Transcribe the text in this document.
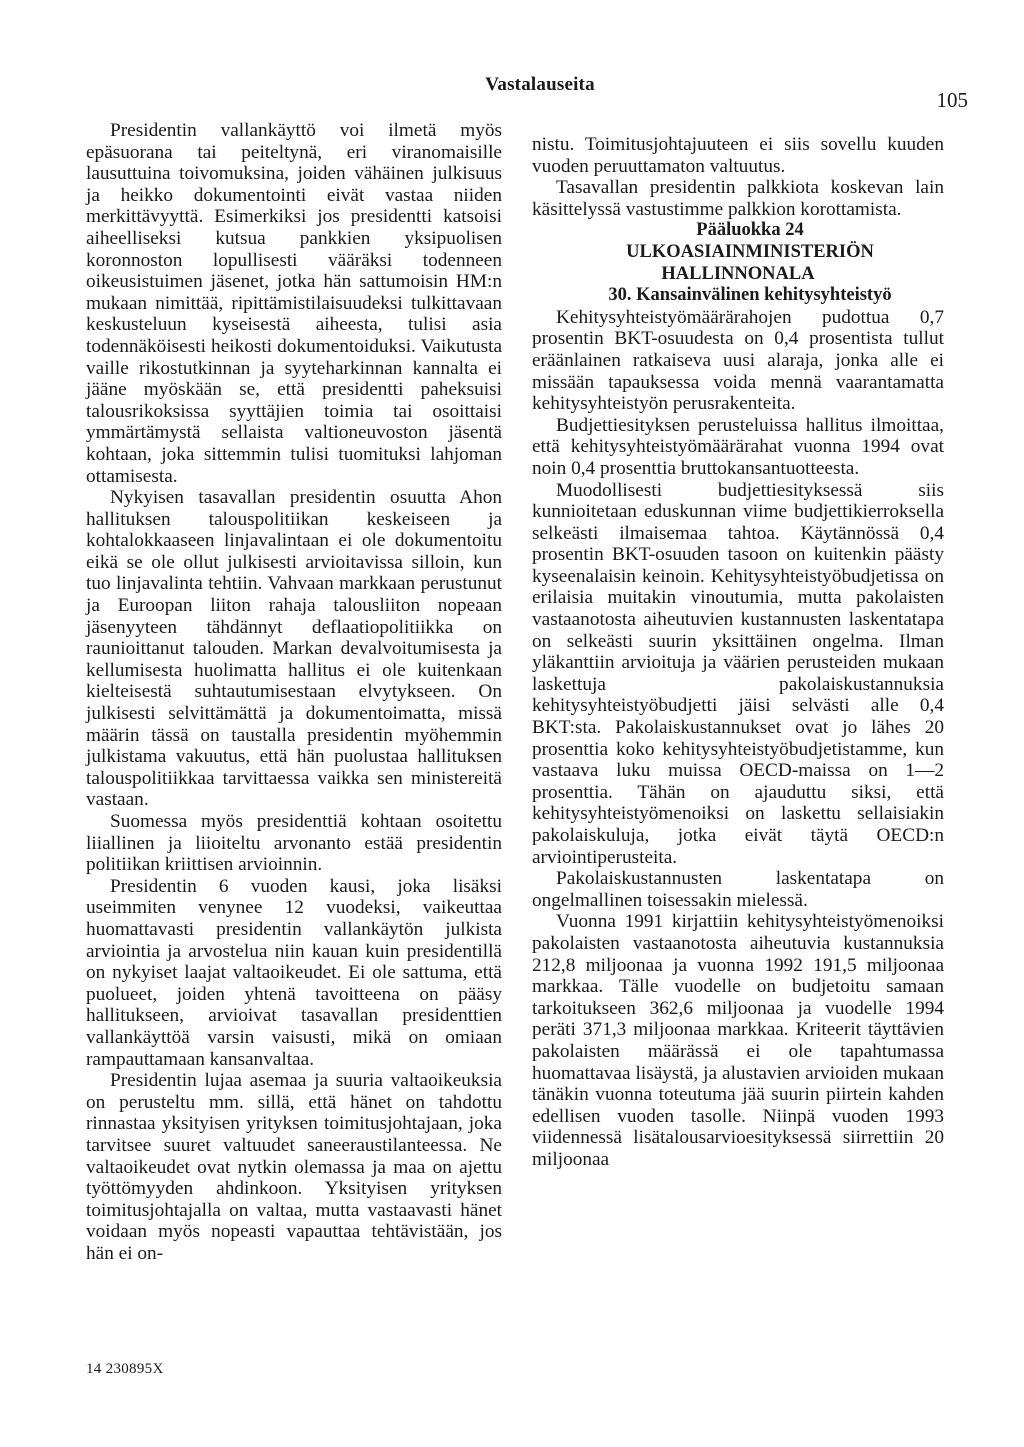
Vastalauseita
105

Presidentin vallankäyttö voi ilmetä myös epäsuorana tai peiteltynä, eri viranomaisille lausuttuina toivomuksina, joiden vähäinen julkisuus ja heikko dokumentointi eivät vastaa niiden merkittävyyttä. Esimerkiksi jos presidentti katsoisi aiheelliseksi kutsua pankkien yksipuolisen koronnoston lopullisesti vääräksi todenneen oikeusistuimen jäsenet, jotka hän sattumoisin HM:n mukaan nimittää, ripittämistilaisuudeksi tulkittavaan keskusteluun kyseisestä aiheesta, tulisi asia todennäköisesti heikosti dokumentoiduksi. Vaikutusta vaille rikostutkinnan ja syyteharkinnan kannalta ei jääne myöskään se, että presidentti paheksuisi talousrikoksissa syyttäjien toimia tai osoittaisi ymmärtämystä sellaista valtioneuvoston jäsentä kohtaan, joka sittemmin tulisi tuomituksi lahjoman ottamisesta.

Nykyisen tasavallan presidentin osuutta Ahon hallituksen talouspolitiikan keskeiseen ja kohtalokkaaseen linjavalintaan ei ole dokumentoitu eikä se ole ollut julkisesti arvioitavissa silloin, kun tuo linjavalinta tehtiin. Vahvaan markkaan perustunut ja Euroopan liiton rahaja talousliiton nopeaan jäsenyyteen tähdännyt deflaatiopolitiikka on raunioittanut talouden. Markan devalvoitumisesta ja kellumisesta huolimatta hallitus ei ole kuitenkaan kielteisestä suhtautumisestaan elvytykseen. On julkisesti selvittämättä ja dokumentoimatta, missä määrin tässä on taustalla presidentin myöhemmin julkistama vakuutus, että hän puolustaa hallituksen talouspolitiikkaa tarvittaessa vaikka sen ministereitä vastaan.

Suomessa myös presidenttiä kohtaan osoitettu liiallinen ja liioiteltu arvonanto estää presidentin politiikan kriittisen arvioinnin.

Presidentin 6 vuoden kausi, joka lisäksi useimmiten venynee 12 vuodeksi, vaikeuttaa huomattavasti presidentin vallankäytön julkista arviointia ja arvostelua niin kauan kuin presidentillä on nykyiset laajat valtaoikeudet. Ei ole sattuma, että puolueet, joiden yhtenä tavoitteena on pääsy hallitukseen, arvioivat tasavallan presidenttien vallankäyttöä varsin vaisusti, mikä on omiaan rampauttamaan kansanvaltaa.

Presidentin lujaa asemaa ja suuria valtaoikeuksia on perusteltu mm. sillä, että hänet on tahdottu rinnastaa yksityisen yrityksen toimitusjohtajaan, joka tarvitsee suuret valtuudet saneeraustilanteessa. Ne valtaoikeudet ovat nytkin olemassa ja maa on ajettu työttömyyden ahdinkoon. Yksityisen yrityksen toimitusjohtajalla on valtaa, mutta vastaavasti hänet voidaan myös nopeasti vapauttaa tehtävistään, jos hän ei on-

nistu. Toimitusjohtajuuteen ei siis sovellu kuuden vuoden peruuttamaton valtuutus.

Tasavallan presidentin palkkiota koskevan lain käsittelyssä vastustimme palkkion korottamista.

Pääluokka 24

ULKOASIAINMINISTERIÖN HALLINNONALA

30. Kansainvälinen kehitysyhteistyö

Kehitysyhteistyömäärärahojen pudottua 0,7 prosentin BKT-osuudesta on 0,4 prosentista tullut eräänlainen ratkaiseva uusi alaraja, jonka alle ei missään tapauksessa voida mennä vaarantamatta kehitysyhteistyön perusrakenteita.

Budjettiesityksen perusteluissa hallitus ilmoittaa, että kehitysyhteistyömäärärahat vuonna 1994 ovat noin 0,4 prosenttia bruttokansantuotteesta.

Muodollisesti budjettiesityksessä siis kunnioitetaan eduskunnan viime budjettikierroksella selkeästi ilmaisemaa tahtoa. Käytännössä 0,4 prosentin BKT-osuuden tasoon on kuitenkin päästy kyseenalaisin keinoin. Kehitysyhteistyöbudjetissa on erilaisia muitakin vinoutumia, mutta pakolaisten vastaanotosta aiheutuvien kustannusten laskentatapa on selkeästi suurin yksittäinen ongelma. Ilman yläkanttiin arvioituja ja väärien perusteiden mukaan laskettuja pakolaiskustannuksia kehitysyhteistyöbudjetti jäisi selvästi alle 0,4 BKT:sta. Pakolaiskustannukset ovat jo lähes 20 prosenttia koko kehitysyhteistyöbudjetistamme, kun vastaava luku muissa OECD-maissa on 1—2 prosenttia. Tähän on ajauduttu siksi, että kehitysyhteistyömenoiksi on laskettu sellaisiakin pakolaiskuluja, jotka eivät täytä OECD:n arviointiperusteita.

Pakolaiskustannusten laskentatapa on ongelmallinen toisessakin mielessä.

Vuonna 1991 kirjattiin kehitysyhteistyömenoiksi pakolaisten vastaanotosta aiheutuvia kustannuksia 212,8 miljoonaa ja vuonna 1992 191,5 miljoonaa markkaa. Tälle vuodelle on budjetoitu samaan tarkoitukseen 362,6 miljoonaa ja vuodelle 1994 peräti 371,3 miljoonaa markkaa. Kriteerit täyttävien pakolaisten määrässä ei ole tapahtumassa huomattavaa lisäystä, ja alustavien arvioiden mukaan tänäkin vuonna toteutuma jää suurin piirtein kahden edellisen vuoden tasolle. Niinpä vuoden 1993 viidennessä lisätalousarvioesityksessä siirrettiin 20 miljoonaa

14 230895X
